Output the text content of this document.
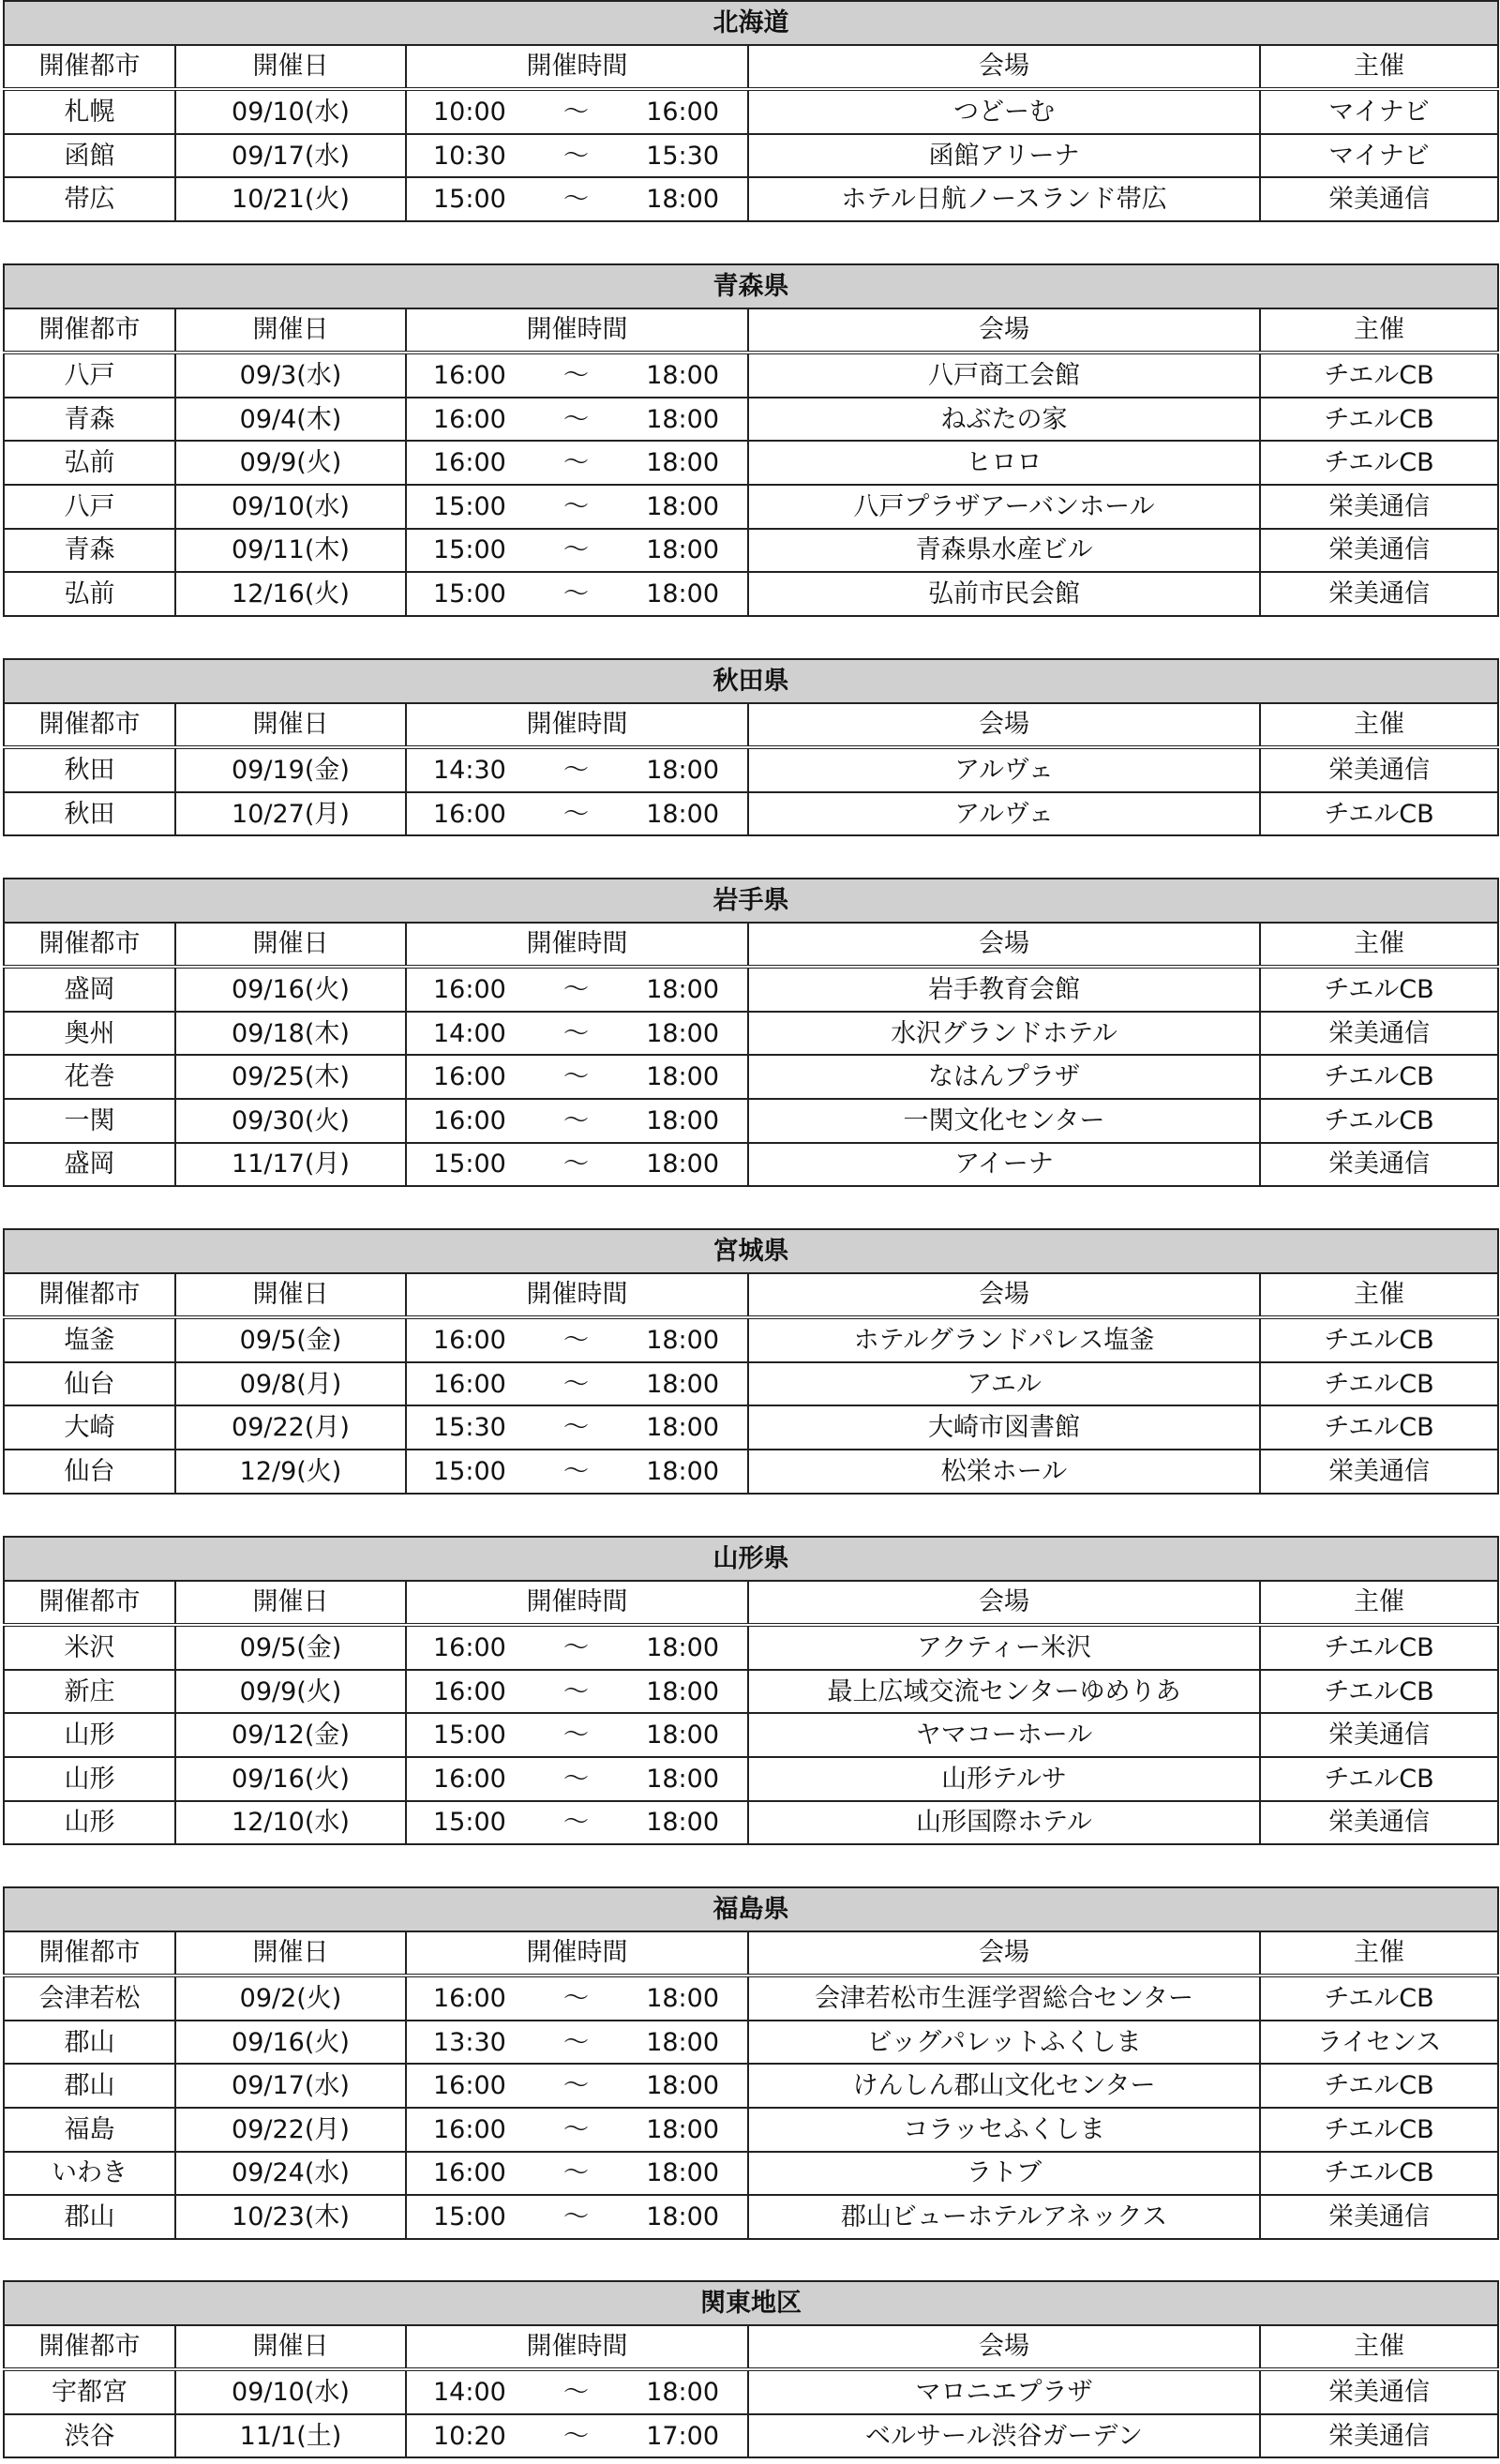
北海道				
開催都市	開催日	開催時間	会場	主催
札幌	09/10(水)	10:00 ～ 16:00	つどーむ	マイナビ
函館	09/17(水)	10:30 ～ 15:30	函館アリーナ	マイナビ
帯広	10/21(火)	15:00 ～ 18:00	ホテル日航ノースランド帯広	栄美通信
青森県				
開催都市	開催日	開催時間	会場	主催
八戸	09/3(水)	16:00 ～ 18:00	八戸商工会館	チエルCB
青森	09/4(木)	16:00 ～ 18:00	ねぶたの家	チエルCB
弘前	09/9(火)	16:00 ～ 18:00	ヒロロ	チエルCB
八戸	09/10(水)	15:00 ～ 18:00	八戸プラザアーバンホール	栄美通信
青森	09/11(木)	15:00 ～ 18:00	青森県水産ビル	栄美通信
弘前	12/16(火)	15:00 ～ 18:00	弘前市民会館	栄美通信
秋田県				
開催都市	開催日	開催時間	会場	主催
秋田	09/19(金)	14:30 ～ 18:00	アルヴェ	栄美通信
秋田	10/27(月)	16:00 ～ 18:00	アルヴェ	チエルCB
岩手県				
開催都市	開催日	開催時間	会場	主催
盛岡	09/16(火)	16:00 ～ 18:00	岩手教育会館	チエルCB
奥州	09/18(木)	14:00 ～ 18:00	水沢グランドホテル	栄美通信
花巻	09/25(木)	16:00 ～ 18:00	なはんプラザ	チエルCB
一関	09/30(火)	16:00 ～ 18:00	一関文化センター	チエルCB
盛岡	11/17(月)	15:00 ～ 18:00	アイーナ	栄美通信
宮城県				
開催都市	開催日	開催時間	会場	主催
塩釜	09/5(金)	16:00 ～ 18:00	ホテルグランドパレス塩釜	チエルCB
仙台	09/8(月)	16:00 ～ 18:00	アエル	チエルCB
大崎	09/22(月)	15:30 ～ 18:00	大崎市図書館	チエルCB
仙台	12/9(火)	15:00 ～ 18:00	松栄ホール	栄美通信
山形県				
開催都市	開催日	開催時間	会場	主催
米沢	09/5(金)	16:00 ～ 18:00	アクティー米沢	チエルCB
新庄	09/9(火)	16:00 ～ 18:00	最上広域交流センターゆめりあ	チエルCB
山形	09/12(金)	15:00 ～ 18:00	ヤマコーホール	栄美通信
山形	09/16(火)	16:00 ～ 18:00	山形テルサ	チエルCB
山形	12/10(水)	15:00 ～ 18:00	山形国際ホテル	栄美通信
福島県				
開催都市	開催日	開催時間	会場	主催
会津若松	09/2(火)	16:00 ～ 18:00	会津若松市生涯学習総合センター	チエルCB
郡山	09/16(火)	13:30 ～ 18:00	ビッグパレットふくしま	ライセンス
郡山	09/17(水)	16:00 ～ 18:00	けんしん郡山文化センター	チエルCB
福島	09/22(月)	16:00 ～ 18:00	コラッセふくしま	チエルCB
いわき	09/24(水)	16:00 ～ 18:00	ラトブ	チエルCB
郡山	10/23(木)	15:00 ～ 18:00	郡山ビューホテルアネックス	栄美通信
関東地区				
開催都市	開催日	開催時間	会場	主催
宇都宮	09/10(水)	14:00 ～ 18:00	マロニエプラザ	栄美通信
渋谷	11/1(土)	10:20 ～ 17:00	ベルサール渋谷ガーデン	栄美通信
